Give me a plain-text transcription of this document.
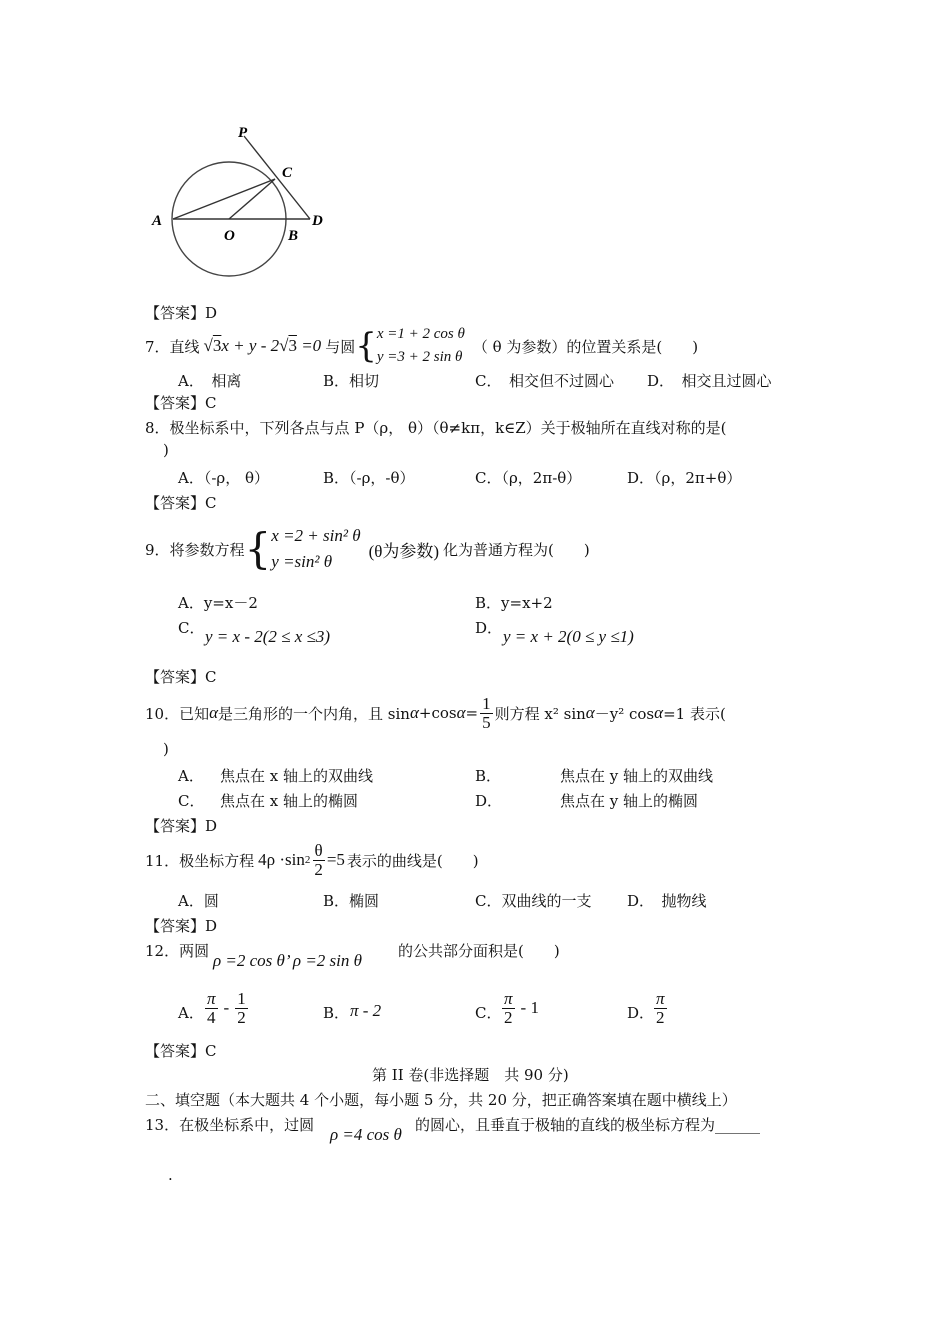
P
C
A
O	B
D
【答案】D
7．直线 √3x + y - 2√3 =0 与圆 { x =1 + 2 cos θ
y =3 + 2 sin θ
（ θ 为参数）的位置关系是(　　)
A．　相离	B．相切	C．　相交但不过圆心 D．　相交且过圆心
【答案】C
8．极坐标系中，下列各点与点 P（ρ， θ）（θ≠kπ，k∈Z）关于极轴所在直线对称的是(
)
A．（-ρ， θ）	B．（-ρ，-θ）	C．（ρ，2π-θ）	D．（ρ，2π+θ）
【答案】C
9．将参数方程 { x =2 + sin² θ
y =sin² θ
(θ为参数) 化为普通方程为(　　)
A．y=x－2	B．y=x+2
C． y = x - 2(2 ≤ x ≤3)	D． y = x + 2(0 ≤ y ≤1)
【答案】C
10．已知 α 是三角形的一个内角，且 sin α +cos $\alpha = \frac{1}{5}$ 则方程 x² sin α －y² cos α =1 表示(
)
A． 焦点在 x 轴上的双曲线	B．	焦点在 y 轴上的双曲线
C． 焦点在 x 轴上的椭圆	D．	焦点在 y 轴上的椭圆
【答案】D
11．极坐标方程 4ρ ·sin $2 \frac{\theta}{2} =5$ 表示的曲线是(　　)
A．圆	B．椭圆	C．双曲线的一支 D．　抛物线
【答案】D
12．两圆 ρ =2 cos θ’ ρ =2 sin θ 的公共部分面积是(　　)
A． $\frac{\pi}{4} - \frac{1}{2}$	B． π - 2	C． $\frac{\pi}{2} - 1$	D． $\frac{\pi}{2}$
【答案】C
第 II 卷(非选择题　共 90 分)
二、填空题（本大题共 4 个小题，每小题 5 分，共 20 分，把正确答案填在题中横线上）
13．在极坐标系中，过圆 ρ =4 cos θ 的圆心，且垂直于极轴的直线的极坐标方程为______
.
